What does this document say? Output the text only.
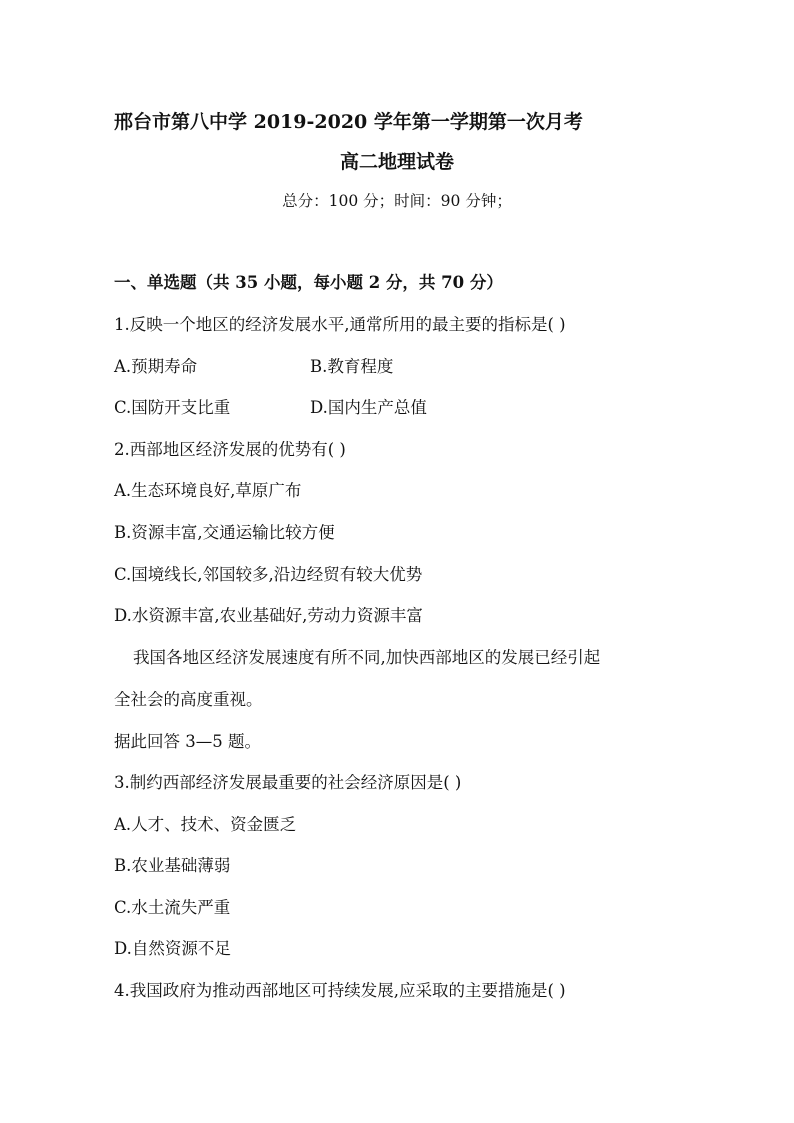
邢台市第八中学 2019-2020 学年第一学期第一次月考
高二地理试卷
总分：100 分；时间：90 分钟；
一、单选题（共 35 小题，每小题 2 分，共 70 分）
1.反映一个地区的经济发展水平,通常所用的最主要的指标是( )
A.预期寿命	B.教育程度
C.国防开支比重	D.国内生产总值
2.西部地区经济发展的优势有( )
A.生态环境良好,草原广布
B.资源丰富,交通运输比较方便
C.国境线长,邻国较多,沿边经贸有较大优势
D.水资源丰富,农业基础好,劳动力资源丰富
我国各地区经济发展速度有所不同,加快西部地区的发展已经引起
全社会的高度重视。
据此回答 3—5 题。
3.制约西部经济发展最重要的社会经济原因是( )
A.人才、技术、资金匮乏
B.农业基础薄弱
C.水土流失严重
D.自然资源不足
4.我国政府为推动西部地区可持续发展,应采取的主要措施是( )
